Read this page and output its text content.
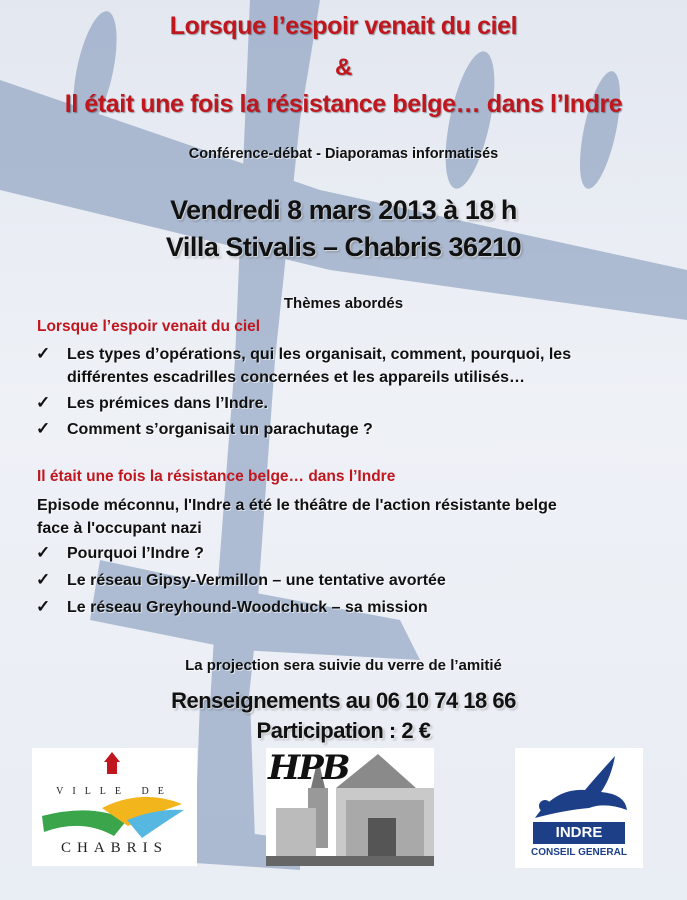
Lorsque l’espoir venait du ciel
&
Il était une fois la résistance belge… dans l’Indre
Conférence-débat - Diaporamas informatisés
Vendredi 8 mars 2013 à 18 h
Villa Stivalis – Chabris 36210
Thèmes abordés
Lorsque l’espoir venait du ciel
✓ Les types d’opérations, qui les organisait, comment, pourquoi, les
différentes escadrilles concernées et les appareils utilisés…
✓ Les prémices dans l’Indre.
✓ Comment s’organisait un parachutage ?
Il était une fois la résistance belge… dans l’Indre
Episode méconnu, l'Indre a été le théâtre de l'action résistante belge
face à l'occupant nazi
✓ Pourquoi l’Indre ?
✓ Le réseau Gipsy-Vermillon – une tentative avortée
✓ Le réseau Greyhound-Woodchuck – sa mission
La projection sera suivie du verre de l’amitié
Renseignements au 06 10 74 18 66
Participation : 2 €
VILLE DE
CHABRIS
HPB
INDRE
CONSEIL GENERAL
